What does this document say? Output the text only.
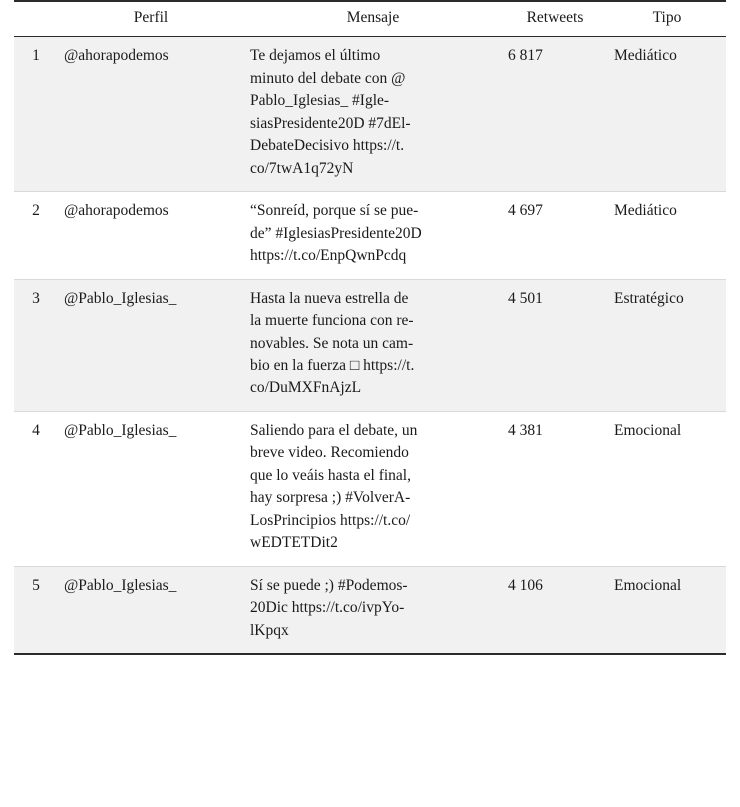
	Perfil	Mensaje	Retweets	Tipo
1	@ahorapodemos	Te dejamos el último
minuto del debate con @
Pablo_Iglesias_ #Igle-
siasPresidente20D #7dEl-
DebateDecisivo https://t.
co/7twA1q72yN
	6 817	Mediático
2	@ahorapodemos	“Sonreíd, porque sí se pue-
de” #IglesiasPresidente20D
https://t.co/EnpQwnPcdq	4 697	Mediático
3	@Pablo_Iglesias_	Hasta la nueva estrella de
la muerte funciona con re-
novables. Se nota un cam-
bio en la fuerza □ https://t.
co/DuMXFnAjzL	4 501	Estratégico
4	@Pablo_Iglesias_	Saliendo para el debate, un
breve video. Recomiendo
que lo veáis hasta el final,
hay sorpresa ;) #VolverA-
LosPrincipios https://t.co/
wEDTETDit2
	4 381	Emocional
5	@Pablo_Iglesias_	Sí se puede ;) #Podemos-
20Dic https://t.co/ivpYo-
lKpqx	4 106	Emocional
